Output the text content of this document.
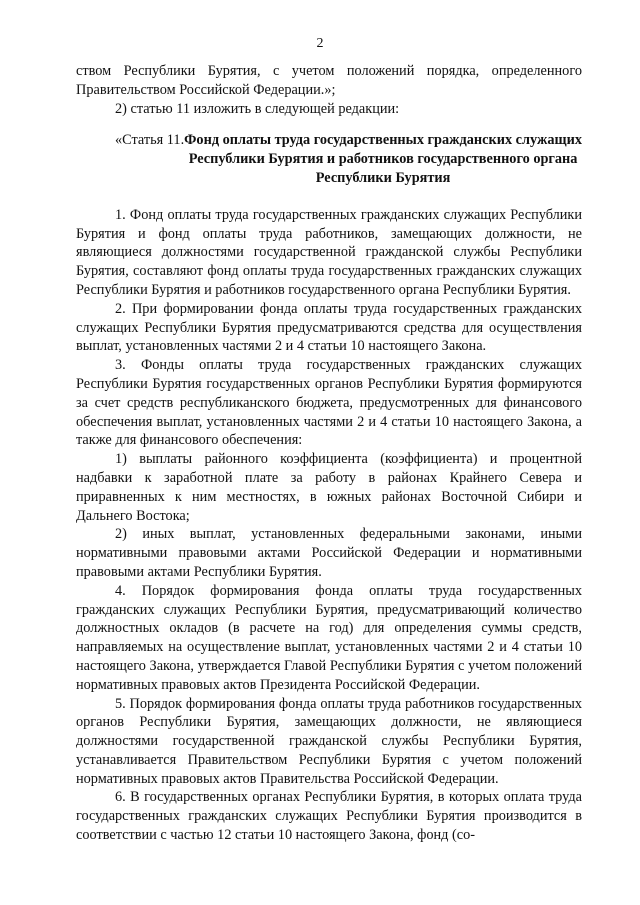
2

ством Республики Бурятия, с учетом положений порядка, определенного Правительством Российской Федерации.»;

2) статью 11 изложить в следующей редакции:

«Статья 11. Фонд оплаты труда государственных гражданских служащих Республики Бурятия и работников государственного органа Республики Бурятия

1. Фонд оплаты труда государственных гражданских служащих Республики Бурятия и фонд оплаты труда работников, замещающих должности, не являющиеся должностями государственной гражданской службы Республики Бурятия, составляют фонд оплаты труда государственных гражданских служащих Республики Бурятия и работников государственного органа Республики Бурятия.

2. При формировании фонда оплаты труда государственных гражданских служащих Республики Бурятия предусматриваются средства для осуществления выплат, установленных частями 2 и 4 статьи 10 настоящего Закона.

3. Фонды оплаты труда государственных гражданских служащих Республики Бурятия государственных органов Республики Бурятия формируются за счет средств республиканского бюджета, предусмотренных для финансового обеспечения выплат, установленных частями 2 и 4 статьи 10 настоящего Закона, а также для финансового обеспечения:

1) выплаты районного коэффициента (коэффициента) и процентной надбавки к заработной плате за работу в районах Крайнего Севера и приравненных к ним местностях, в южных районах Восточной Сибири и Дальнего Востока;

2) иных выплат, установленных федеральными законами, иными нормативными правовыми актами Российской Федерации и нормативными правовыми актами Республики Бурятия.

4. Порядок формирования фонда оплаты труда государственных гражданских служащих Республики Бурятия, предусматривающий количество должностных окладов (в расчете на год) для определения суммы средств, направляемых на осуществление выплат, установленных частями 2 и 4 статьи 10 настоящего Закона, утверждается Главой Республики Бурятия с учетом положений нормативных правовых актов Президента Российской Федерации.

5. Порядок формирования фонда оплаты труда работников государственных органов Республики Бурятия, замещающих должности, не являющиеся должностями государственной гражданской службы Республики Бурятия, устанавливается Правительством Республики Бурятия с учетом положений нормативных правовых актов Правительства Российской Федерации.

6. В государственных органах Республики Бурятия, в которых оплата труда государственных гражданских служащих Республики Бурятия производится в соответствии с частью 12 статьи 10 настоящего Закона, фонд (со-
